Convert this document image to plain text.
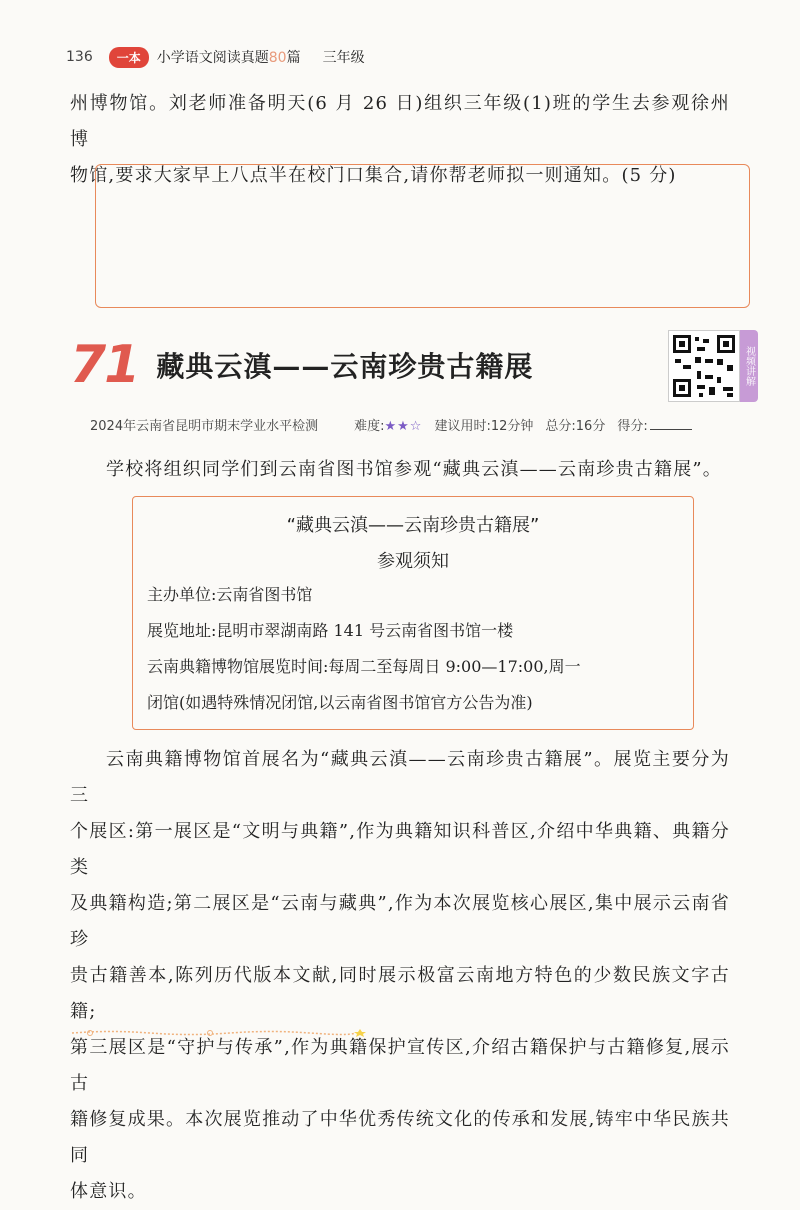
136	一本	小学语文阅读真题80篇 三年级
州博物馆。刘老师准备明天(6 月 26 日)组织三年级(1)班的学生去参观徐州博
物馆,要求大家早上八点半在校门口集合,请你帮老师拟一则通知。(5 分)
71 藏典云滇——云南珍贵古籍展	视频讲解
2024年云南省昆明市期末学业水平检测	难度:★★☆ 建议用时:12分钟 总分:16分 得分:
学校将组织同学们到云南省图书馆参观“藏典云滇——云南珍贵古籍展”。
“藏典云滇——云南珍贵古籍展”
参观须知
主办单位:云南省图书馆
展览地址:昆明市翠湖南路 141 号云南省图书馆一楼
云南典籍博物馆展览时间:每周二至每周日 9:00—17:00,周一
闭馆(如遇特殊情况闭馆,以云南省图书馆官方公告为准)
云南典籍博物馆首展名为“藏典云滇——云南珍贵古籍展”。展览主要分为三
个展区:第一展区是“文明与典籍”,作为典籍知识科普区,介绍中华典籍、典籍分类
及典籍构造;第二展区是“云南与藏典”,作为本次展览核心展区,集中展示云南省珍
贵古籍善本,陈列历代版本文献,同时展示极富云南地方特色的少数民族文字古籍;
第三展区是“守护与传承”,作为典籍保护宣传区,介绍古籍保护与古籍修复,展示古
籍修复成果。本次展览推动了中华优秀传统文化的传承和发展,铸牢中华民族共同
体意识。
